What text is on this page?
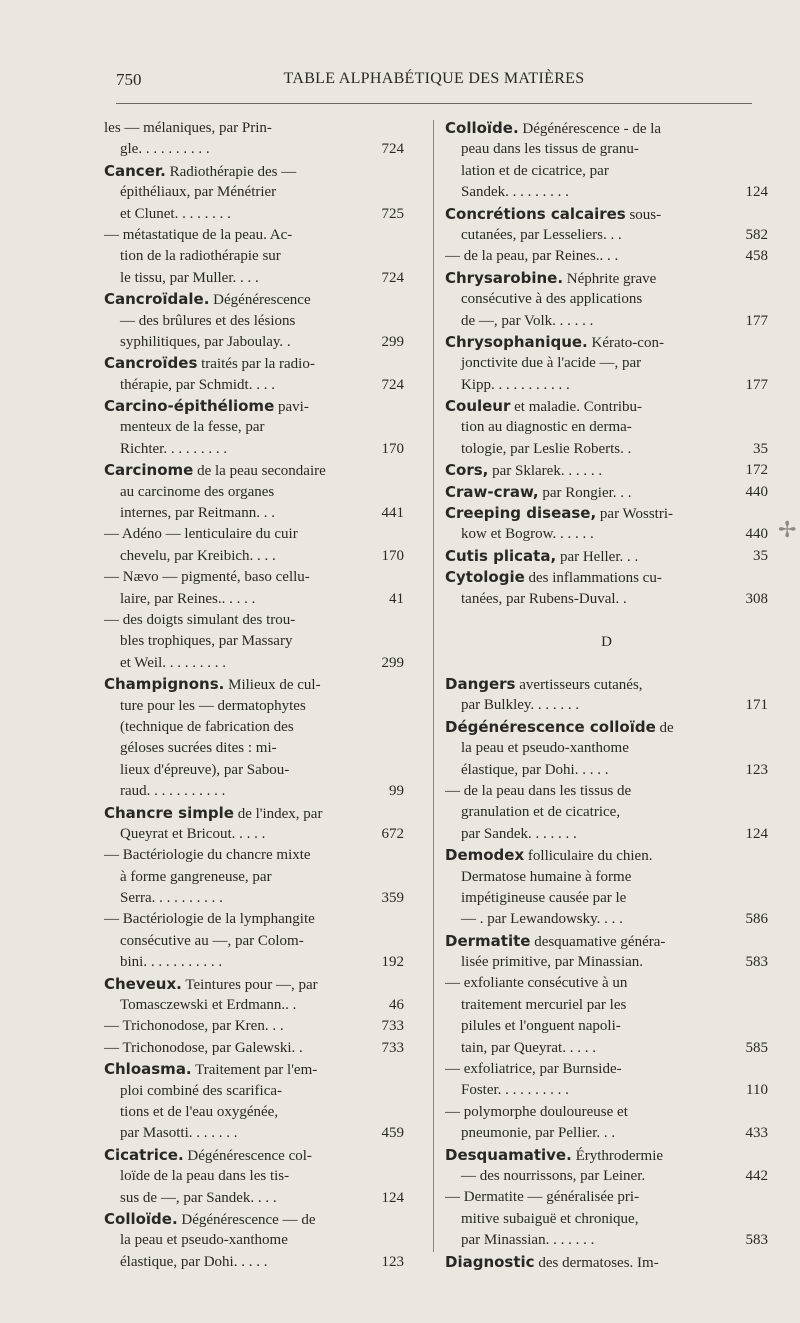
750	TABLE ALPHABÉTIQUE DES MATIÈRES
les — mélaniques, par Prin-
gle. . . . . . . . . .	724
Cancer. Radiothérapie des —
épithéliaux, par Ménétrier
et Clunet. . . . . . . .	725
— métastatique de la peau. Ac-
tion de la radiothérapie sur
le tissu, par Muller. . . .	724
Cancroïdale. Dégénérescence
— des brûlures et des lésions
syphilitiques, par Jaboulay. .	299
Cancroïdes traités par la radio-
thérapie, par Schmidt. . . .	724
Carcino-épithéliome pavi-
menteux de la fesse, par
Richter. . . . . . . . .	170
Carcinome de la peau secondaire
au carcinome des organes
internes, par Reitmann. . .	441
— Adéno — lenticulaire du cuir
chevelu, par Kreibich. . . .	170
— Nævo — pigmenté, baso cellu-
laire, par Reines.. . . . .	41
— des doigts simulant des trou-
bles trophiques, par Massary
et Weil. . . . . . . . .	299
Champignons. Milieux de cul-
ture pour les — dermatophytes
(technique de fabrication des
géloses sucrées dites : mi-
lieux d'épreuve), par Sabou-
raud. . . . . . . . . . .	99
Chancre simple de l'index, par
Queyrat et Bricout. . . . .	672
— Bactériologie du chancre mixte
à forme gangreneuse, par
Serra. . . . . . . . . .	359
— Bactériologie de la lymphangite
consécutive au —, par Colom-
bini. . . . . . . . . . .	192
Cheveux. Teintures pour —, par
Tomasczewski et Erdmann.. .	46
— Trichonodose, par Kren. . .	733
— Trichonodose, par Galewski. .	733
Chloasma. Traitement par l'em-
ploi combiné des scarifica-
tions et de l'eau oxygénée,
par Masotti. . . . . . .	459
Cicatrice. Dégénérescence col-
loïde de la peau dans les tis-
sus de —, par Sandek. . . .	124
Colloïde. Dégénérescence — de
la peau et pseudo-xanthome
élastique, par Dohi. . . . .	123
Colloïde. Dégénérescence - de la
peau dans les tissus de granu-
lation et de cicatrice, par
Sandek. . . . . . . . .	124
Concrétions calcaires sous-
cutanées, par Lesseliers. . .	582
— de la peau, par Reines.. . .	458
Chrysarobine. Néphrite grave
consécutive à des applications
de —, par Volk. . . . . .	177
Chrysophanique. Kérato-con-
jonctivite due à l'acide —, par
Kipp. . . . . . . . . . .	177
Couleur et maladie. Contribu-
tion au diagnostic en derma-
tologie, par Leslie Roberts. .	35
Cors, par Sklarek. . . . . .	172
Craw-craw, par Rongier. . .	440
Creeping disease, par Wosstri-
kow et Bogrow. . . . . .	440
Cutis plicata, par Heller. . .	35
Cytologie des inflammations cu-
tanées, par Rubens-Duval. .	308
D
Dangers avertisseurs cutanés,
par Bulkley. . . . . . .	171
Dégénérescence colloïde de
la peau et pseudo-xanthome
élastique, par Dohi. . . . .	123
— de la peau dans les tissus de
granulation et de cicatrice,
par Sandek. . . . . . .	124
Demodex folliculaire du chien.
Dermatose humaine à forme
impétigineuse causée par le
— . par Lewandowsky. . . .	586
Dermatite desquamative généra-
lisée primitive, par Minassian.	583
— exfoliante consécutive à un
traitement mercuriel par les
pilules et l'onguent napoli-
tain, par Queyrat. . . . .	585
— exfoliatrice, par Burnside-
Foster. . . . . . . . . .	110
— polymorphe douloureuse et
pneumonie, par Pellier. . .	433
Desquamative. Érythrodermie
— des nourrissons, par Leiner.	442
— Dermatite — généralisée pri-
mitive subaiguë et chronique,
par Minassian. . . . . . .	583
Diagnostic des dermatoses. Im-
✢
